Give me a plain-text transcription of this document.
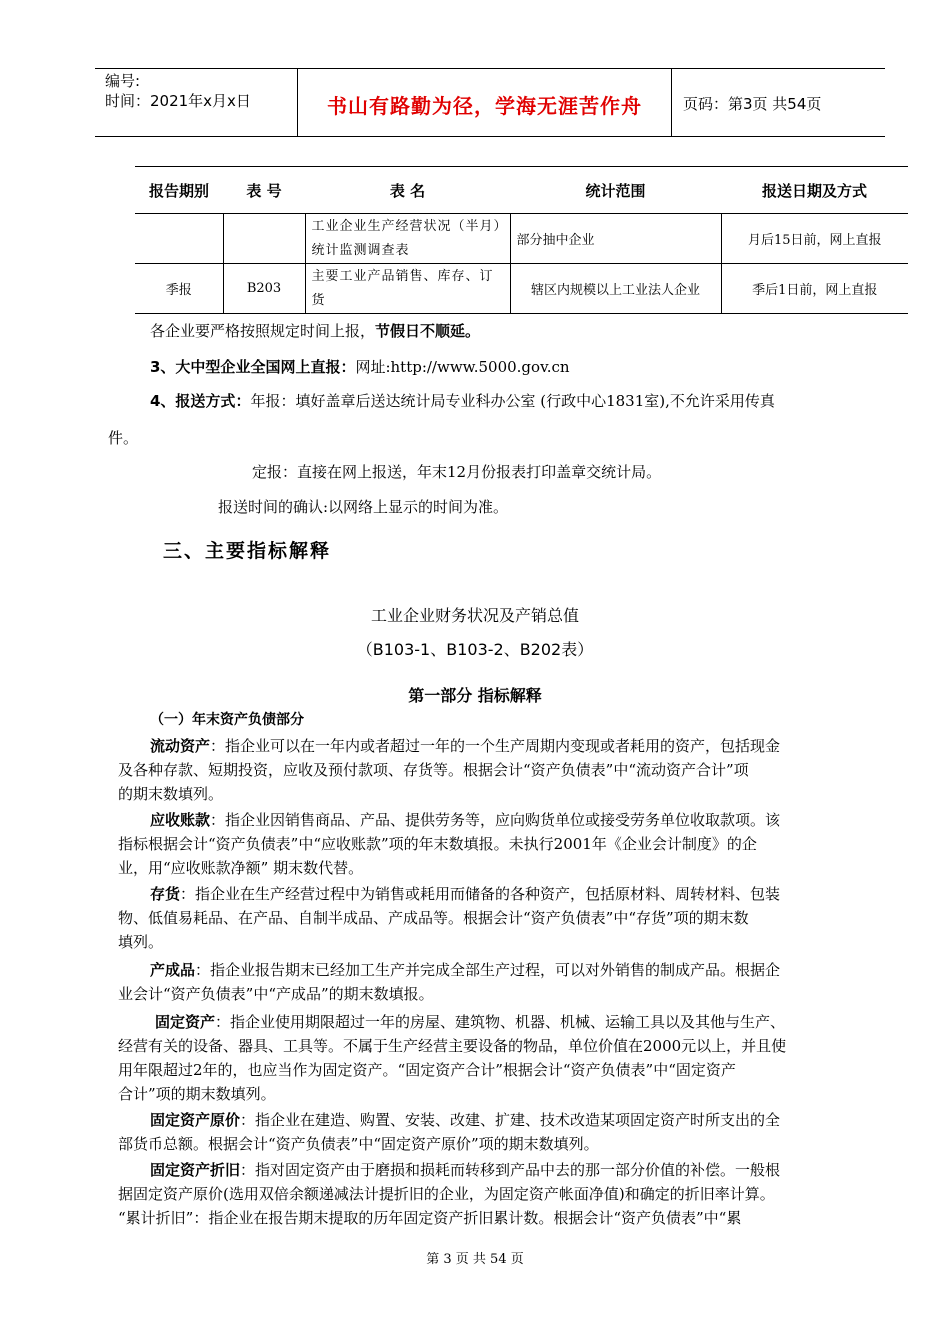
编号:
时间：2021年x月x日	书山有路勤为径，学海无涯苦作舟	页码：第3页 共54页
报告期别	表 号	表 名	统计范围	报送日期及方式
		工业企业生产经营状况（半月）统计监测调查表	部分抽中企业	月后15日前，网上直报
季报	B203	主要工业产品销售、库存、订货	辖区内规模以上工业法人企业	季后1日前，网上直报
各企业要严格按照规定时间上报，节假日不顺延。
3、大中型企业全国网上直报：网址:http://www.5000.gov.cn
4、报送方式：年报：填好盖章后送达统计局专业科办公室 (行政中心1831室),不允许采用传真
件。
定报：直接在网上报送，年末12月份报表打印盖章交统计局。
报送时间的确认:以网络上显示的时间为准。
三、主要指标解释
工业企业财务状况及产销总值
（B103-1、B103-2、B202表）
第一部分 指标解释
（一）年末资产负债部分
流动资产：指企业可以在一年内或者超过一年的一个生产周期内变现或者耗用的资产，包括现金
及各种存款、短期投资，应收及预付款项、存货等。根据会计“资产负债表”中“流动资产合计”项
的期末数填列。
应收账款：指企业因销售商品、产品、提供劳务等，应向购货单位或接受劳务单位收取款项。该
指标根据会计“资产负债表”中“应收账款”项的年末数填报。未执行2001年《企业会计制度》的企
业，用“应收账款净额” 期末数代替。
存货：指企业在生产经营过程中为销售或耗用而储备的各种资产，包括原材料、周转材料、包装
物、低值易耗品、在产品、自制半成品、产成品等。根据会计“资产负债表”中“存货”项的期末数
填列。
产成品：指企业报告期末已经加工生产并完成全部生产过程，可以对外销售的制成产品。根据企
业会计“资产负债表”中“产成品”的期末数填报。
固定资产：指企业使用期限超过一年的房屋、建筑物、机器、机械、运输工具以及其他与生产、
经营有关的设备、器具、工具等。不属于生产经营主要设备的物品，单位价值在2000元以上，并且使
用年限超过2年的，也应当作为固定资产。“固定资产合计”根据会计“资产负债表”中“固定资产
合计”项的期末数填列。
固定资产原价：指企业在建造、购置、安装、改建、扩建、技术改造某项固定资产时所支出的全
部货币总额。根据会计“资产负债表”中“固定资产原价”项的期末数填列。
固定资产折旧：指对固定资产由于磨损和损耗而转移到产品中去的那一部分价值的补偿。一般根
据固定资产原价(选用双倍余额递减法计提折旧的企业，为固定资产帐面净值)和确定的折旧率计算。
“累计折旧”：指企业在报告期末提取的历年固定资产折旧累计数。根据会计“资产负债表”中“累
第 3 页 共 54 页
